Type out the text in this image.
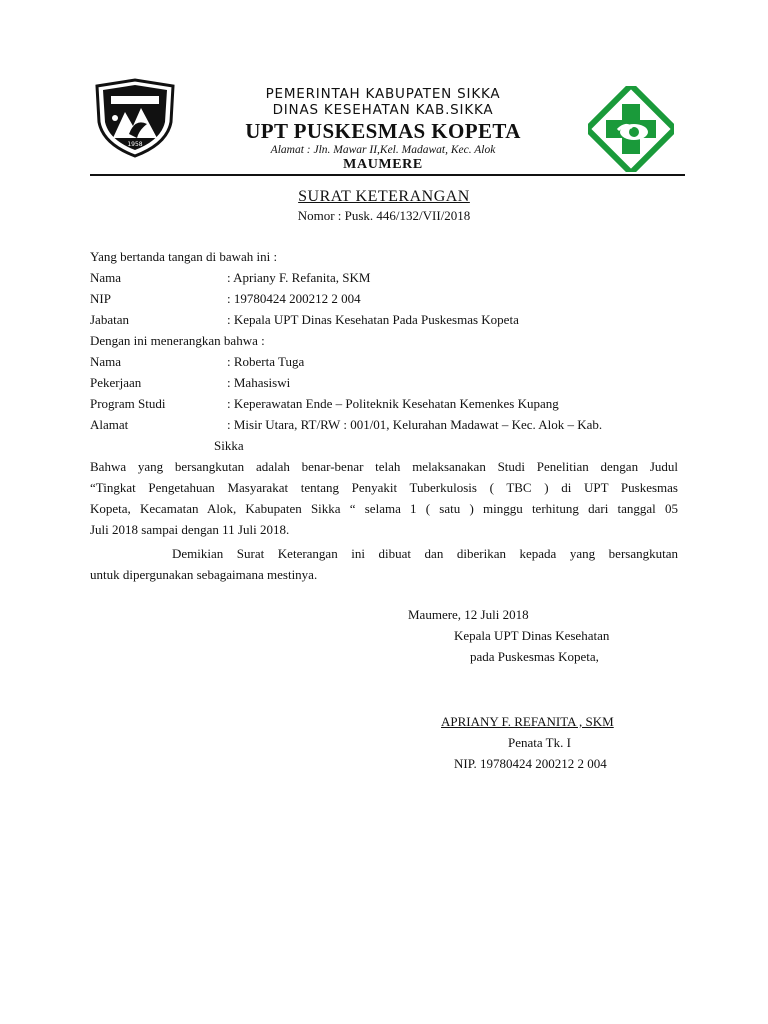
1958
PEMERINTAH KABUPATEN SIKKA
DINAS KESEHATAN KAB.SIKKA
UPT PUSKESMAS KOPETA
Alamat : Jln. Mawar II,Kel. Madawat, Kec. Alok
MAUMERE
SURAT KETERANGAN
Nomor : Pusk. 446/132/VII/2018
Yang bertanda tangan di bawah ini :
Nama	: Apriany F. Refanita, SKM
NIP	: 19780424 200212 2 004
Jabatan	: Kepala UPT Dinas Kesehatan Pada Puskesmas Kopeta
Dengan ini menerangkan bahwa :
Nama	: Roberta Tuga
Pekerjaan	: Mahasiswi
Program Studi	: Keperawatan Ende – Politeknik Kesehatan Kemenkes Kupang
Alamat	: Misir Utara, RT/RW : 001/01, Kelurahan Madawat – Kec. Alok – Kab.
Sikka
Bahwa yang bersangkutan adalah benar-benar telah melaksanakan Studi Penelitian dengan Judul
“Tingkat Pengetahuan Masyarakat tentang Penyakit Tuberkulosis ( TBC ) di UPT Puskesmas
Kopeta, Kecamatan Alok, Kabupaten Sikka “ selama 1 ( satu ) minggu terhitung dari tanggal 05
Juli 2018 sampai dengan 11 Juli 2018.
Demikian Surat Keterangan ini dibuat dan diberikan kepada yang bersangkutan
untuk dipergunakan sebagaimana mestinya.
Maumere, 12 Juli 2018
Kepala UPT Dinas Kesehatan
pada Puskesmas Kopeta,
APRIANY F. REFANITA , SKM
Penata Tk. I
NIP. 19780424 200212 2 004
